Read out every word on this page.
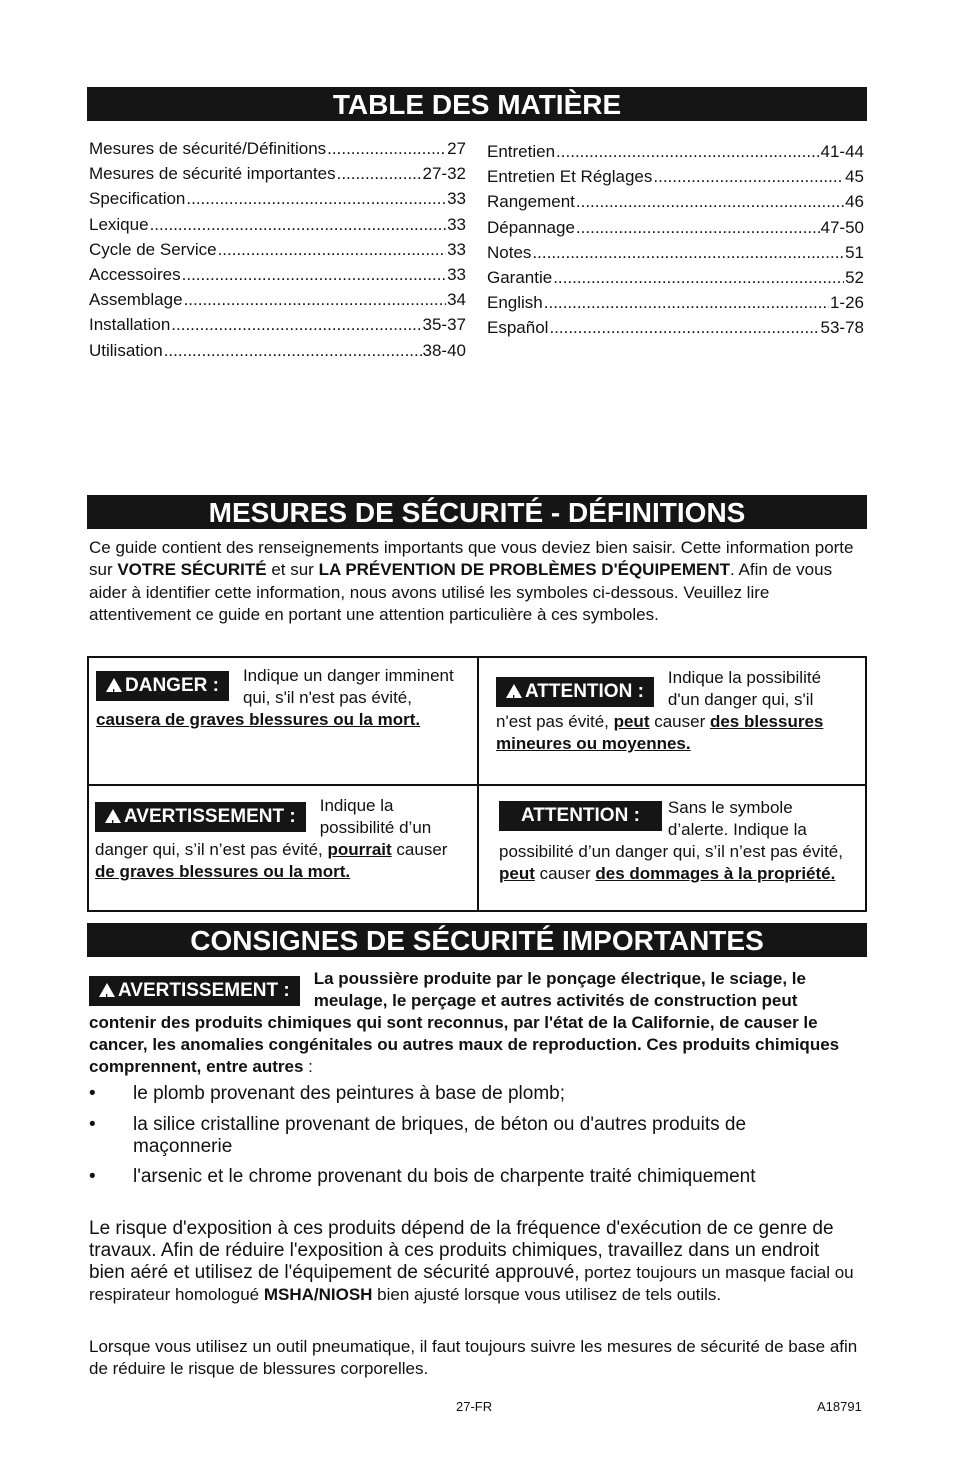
TABLE DES MATIÈRE
Mesures de sécurité/Définitions .....	27
Mesures de sécurité importantes .....	27-32
Specification .....	33
Lexique .....	33
Cycle de Service .....	33
Accessoires .....	33
Assemblage .....	34
Installation .....	35-37
Utilisation .....	38-40
Entretien .....	41-44
Entretien Et Réglages .....	45
Rangement .....	46
Dépannage .....	47-50
Notes .....	51
Garantie .....	52
English .....	1-26
Español .....	53-78
MESURES DE SÉCURITÉ - DÉFINITIONS

Ce guide contient des renseignements importants que vous deviez bien saisir. Cette information porte sur VOTRE SÉCURITÉ et sur LA PRÉVENTION DE PROBLÈMES D'ÉQUIPEMENT. Afin de vous aider à identifier cette information, nous avons utilisé les symboles ci-dessous. Veuillez lire attentivement ce guide en portant une attention particulière à ces symboles.

!DANGER :	Indique un danger imminent qui, s'il n'est pas évité, causera de graves blessures ou la mort.
!ATTENTION :
Indique la possibilité d'un danger qui, s'il n'est pas évité, peut causer des blessures mineures ou moyennes.
!AVERTISSEMENT :
Indique la possibilité d’un danger qui, s’il n’est pas évité, pourrait causer de graves blessures ou la mort.
ATTENTION :	Sans le symbole d’alerte. Indique la possibilité d’un danger qui, s’il n’est pas évité, peut causer des dommages à la propriété.
CONSIGNES DE SÉCURITÉ IMPORTANTES
!AVERTISSEMENT :
La poussière produite par le ponçage électrique, le sciage, le meulage, le perçage et autres activités de construction peut contenir des produits chimiques qui sont reconnus, par l'état de la Californie, de causer le cancer, les anomalies congénitales ou autres maux de reproduction. Ces produits chimiques comprennent, entre autres :
• le plomb provenant des peintures à base de plomb;
• la silice cristalline provenant de briques, de béton ou d'autres produits de maçonnerie
• l'arsenic et le chrome provenant du bois de charpente traité chimiquement

Le risque d'exposition à ces produits dépend de la fréquence d'exécution de ce genre de travaux. Afin de réduire l'exposition à ces produits chimiques, travaillez dans un endroit bien aéré et utilisez de l'équipement de sécurité approuvé, portez toujours un masque facial ou respirateur homologué MSHA/NIOSH bien ajusté lorsque vous utilisez de tels outils.

Lorsque vous utilisez un outil pneumatique, il faut toujours suivre les mesures de sécurité de base afin de réduire le risque de blessures corporelles.

27-FR	A18791
